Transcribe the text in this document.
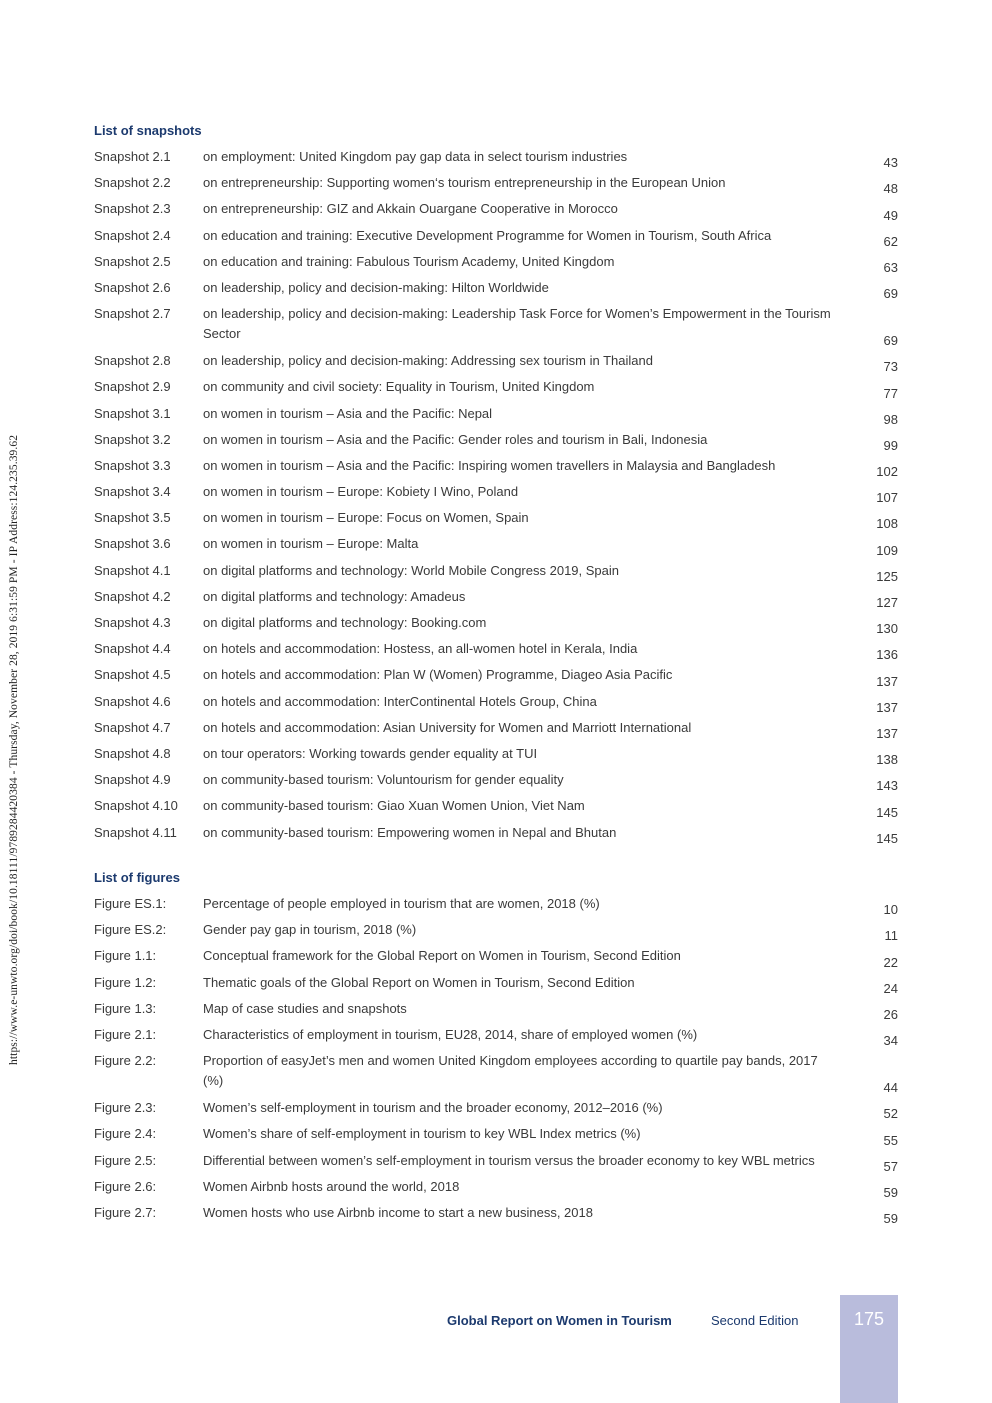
https://www.e-unwto.org/doi/book/10.18111/9789284420384 - Thursday, November 28, 2019 6:31:59 PM - IP Address:124.235.39.62
List of snapshots
Snapshot 2.1 on employment: United Kingdom pay gap data in select tourism industries	43
Snapshot 2.2 on entrepreneurship: Supporting women‘s tourism entrepreneurship in the European Union	48
Snapshot 2.3 on entrepreneurship: GIZ and Akkain Ouargane Cooperative in Morocco	49
Snapshot 2.4 on education and training: Executive Development Programme for Women in Tourism, South Africa	62
Snapshot 2.5 on education and training: Fabulous Tourism Academy, United Kingdom	63
Snapshot 2.6 on leadership, policy and decision-making: Hilton Worldwide	69
Snapshot 2.7 on leadership, policy and decision-making: Leadership Task Force for Women’s Empowerment in the Tourism Sector	69
Snapshot 2.8 on leadership, policy and decision-making: Addressing sex tourism in Thailand	73
Snapshot 2.9 on community and civil society: Equality in Tourism, United Kingdom	77
Snapshot 3.1 on women in tourism – Asia and the Pacific: Nepal	98
Snapshot 3.2 on women in tourism – Asia and the Pacific: Gender roles and tourism in Bali, Indonesia	99
Snapshot 3.3 on women in tourism – Asia and the Pacific: Inspiring women travellers in Malaysia and Bangladesh	102
Snapshot 3.4 on women in tourism – Europe: Kobiety I Wino, Poland	107
Snapshot 3.5 on women in tourism – Europe: Focus on Women, Spain	108
Snapshot 3.6 on women in tourism – Europe: Malta	109
Snapshot 4.1 on digital platforms and technology: World Mobile Congress 2019, Spain	125
Snapshot 4.2 on digital platforms and technology: Amadeus	127
Snapshot 4.3 on digital platforms and technology: Booking.com	130
Snapshot 4.4 on hotels and accommodation: Hostess, an all-women hotel in Kerala, India	136
Snapshot 4.5 on hotels and accommodation: Plan W (Women) Programme, Diageo Asia Pacific	137
Snapshot 4.6 on hotels and accommodation: InterContinental Hotels Group, China	137
Snapshot 4.7 on hotels and accommodation: Asian University for Women and Marriott International	137
Snapshot 4.8 on tour operators: Working towards gender equality at TUI	138
Snapshot 4.9 on community-based tourism: Voluntourism for gender equality	143
Snapshot 4.10 on community-based tourism: Giao Xuan Women Union, Viet Nam	145
Snapshot 4.11 on community-based tourism: Empowering women in Nepal and Bhutan	145
List of figures
Figure ES.1:	Percentage of people employed in tourism that are women, 2018 (%)	10
Figure ES.2:	Gender pay gap in tourism, 2018 (%)	11
Figure 1.1:	Conceptual framework for the Global Report on Women in Tourism, Second Edition	22
Figure 1.2:	Thematic goals of the Global Report on Women in Tourism, Second Edition	24
Figure 1.3:	Map of case studies and snapshots	26
Figure 2.1:	Characteristics of employment in tourism, EU28, 2014, share of employed women (%)	34
Figure 2.2:	Proportion of easyJet’s men and women United Kingdom employees according to quartile pay bands, 2017 (%)	44
Figure 2.3:	Women’s self-employment in tourism and the broader economy, 2012–2016 (%)	52
Figure 2.4:	Women’s share of self-employment in tourism to key WBL Index metrics (%)	55
Figure 2.5:	Differential between women’s self-employment in tourism versus the broader economy to key WBL metrics	57
Figure 2.6:	Women Airbnb hosts around the world, 2018	59
Figure 2.7:	Women hosts who use Airbnb income to start a new business, 2018	59
Global Report on Women in Tourism	Second Edition	175
